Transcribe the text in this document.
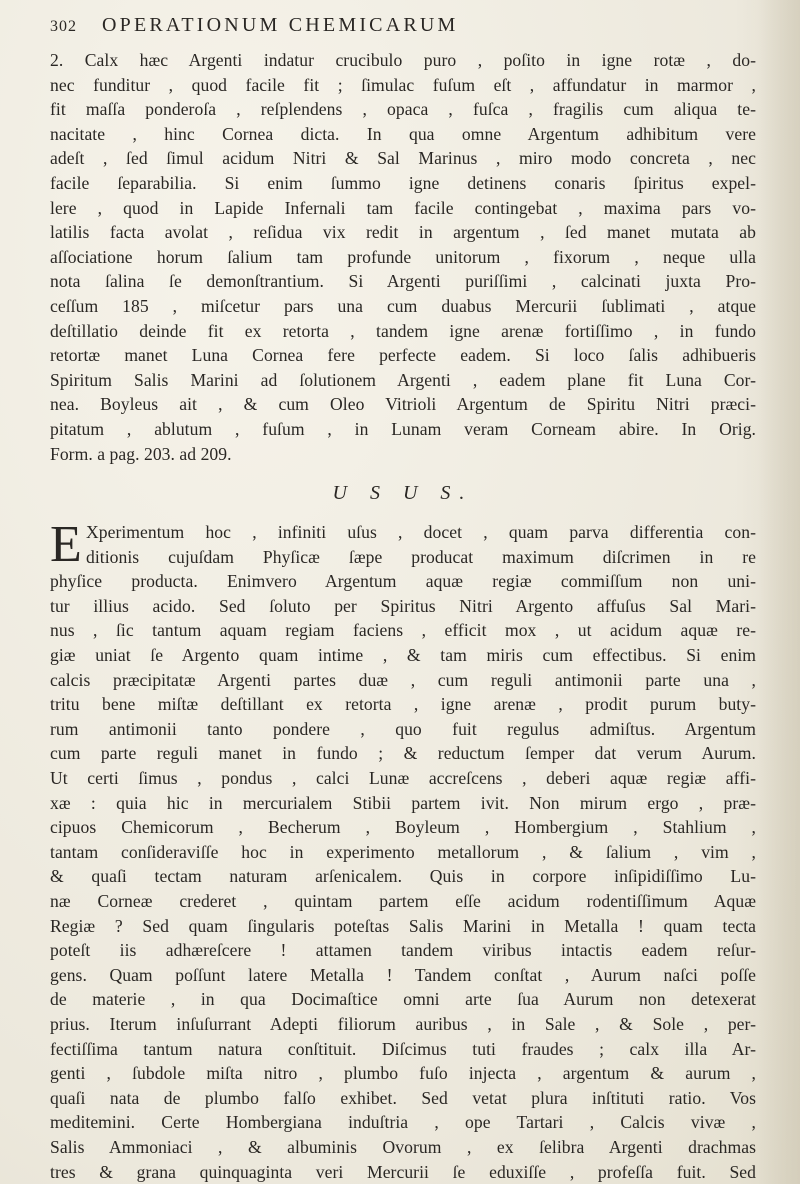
302	OPERATIONUM CHEMICARUM
2. Calx hæc Argenti indatur crucibulo puro , poſito in igne rotæ , do-
nec funditur , quod facile fit ; ſimulac fuſum eſt , affundatur in marmor ,
fit maſſa ponderoſa , reſplendens , opaca , fuſca , fragilis cum aliqua te-
nacitate , hinc Cornea dicta. In qua omne Argentum adhibitum vere
adeſt , ſed ſimul acidum Nitri & Sal Marinus , miro modo concreta , nec
facile ſeparabilia. Si enim ſummo igne detinens conaris ſpiritus expel-
lere , quod in Lapide Infernali tam facile contingebat , maxima pars vo-
latilis facta avolat , reſidua vix redit in argentum , ſed manet mutata ab
aſſociatione horum ſalium tam profunde unitorum , fixorum , neque ulla
nota ſalina ſe demonſtrantium. Si Argenti puriſſimi , calcinati juxta Pro-
ceſſum 185 , miſcetur pars una cum duabus Mercurii ſublimati , atque
deſtillatio deinde fit ex retorta , tandem igne arenæ fortiſſimo , in fundo
retortæ manet Luna Cornea fere perfecte eadem. Si loco ſalis adhibueris
Spiritum Salis Marini ad ſolutionem Argenti , eadem plane fit Luna Cor-
nea. Boyleus ait , & cum Oleo Vitrioli Argentum de Spiritu Nitri præci-
pitatum , ablutum , fuſum , in Lunam veram Corneam abire. In Orig.
Form. a pag. 203. ad 209.
U S U S.
E Xperimentum hoc , infiniti uſus , docet , quam parva differentia con-
ditionis cujuſdam Phyſicæ ſæpe producat maximum diſcrimen in re
phyſice producta. Enimvero Argentum aquæ regiæ commiſſum non uni-
tur illius acido. Sed ſoluto per Spiritus Nitri Argento affuſus Sal Mari-
nus , ſic tantum aquam regiam faciens , efficit mox , ut acidum aquæ re-
giæ uniat ſe Argento quam intime , & tam miris cum effectibus. Si enim
calcis præcipitatæ Argenti partes duæ , cum reguli antimonii parte una ,
tritu bene miſtæ deſtillant ex retorta , igne arenæ , prodit purum buty-
rum antimonii tanto pondere , quo fuit regulus admiſtus. Argentum
cum parte reguli manet in fundo ; & reductum ſemper dat verum Aurum.
Ut certi ſimus , pondus , calci Lunæ accreſcens , deberi aquæ regiæ affi-
xæ : quia hic in mercurialem Stibii partem ivit. Non mirum ergo , præ-
cipuos Chemicorum , Becherum , Boyleum , Hombergium , Stahlium ,
tantam conſideraviſſe hoc in experimento metallorum , & ſalium , vim ,
& quaſi tectam naturam arſenicalem. Quis in corpore inſipidiſſimo Lu-
næ Corneæ crederet , quintam partem eſſe acidum rodentiſſimum Aquæ
Regiæ ? Sed quam ſingularis poteſtas Salis Marini in Metalla ! quam tecta
poteſt iis adhæreſcere ! attamen tandem viribus intactis eadem reſur-
gens. Quam poſſunt latere Metalla ! Tandem conſtat , Aurum naſci poſſe
de materie , in qua Docimaſtice omni arte ſua Aurum non detexerat
prius. Iterum inſuſurrant Adepti filiorum auribus , in Sale , & Sole , per-
fectiſſima tantum natura conſtituit. Diſcimus tuti fraudes ; calx illa Ar-
genti , ſubdole miſta nitro , plumbo fuſo injecta , argentum & aurum ,
quaſi nata de plumbo falſo exhibet. Sed vetat plura inſtituti ratio. Vos
meditemini. Certe Hombergiana induſtria , ope Tartari , Calcis vivæ ,
Salis Ammoniaci , & albuminis Ovorum , ex ſelibra Argenti drachmas
tres & grana quinquaginta veri Mercurii ſe eduxiſſe , profeſſa fuit. Sed
